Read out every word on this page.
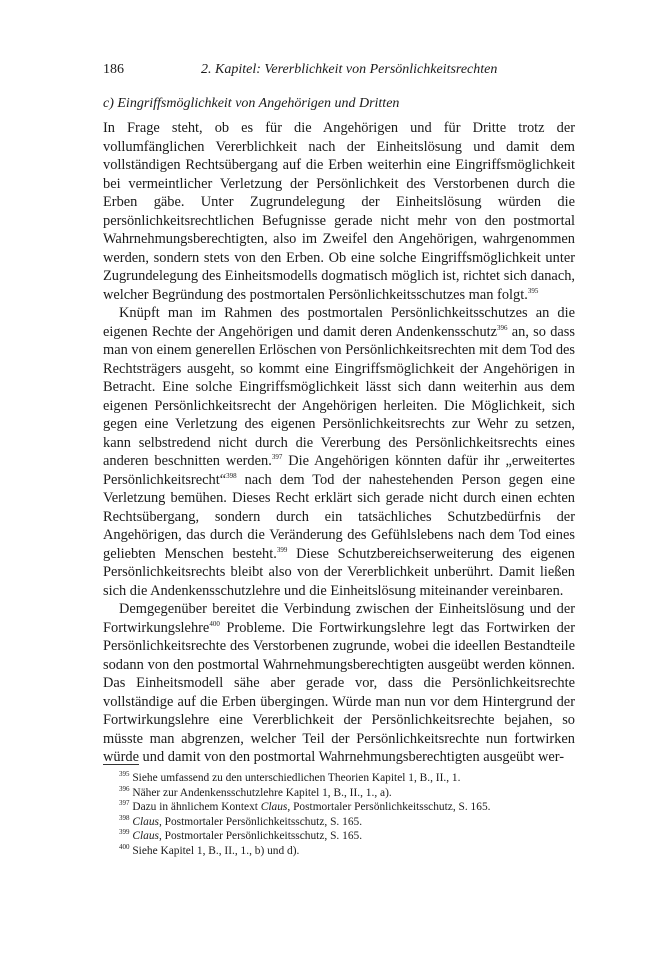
186	2. Kapitel: Vererblichkeit von Persönlichkeitsrechten
c) Eingriffsmöglichkeit von Angehörigen und Dritten

In Frage steht, ob es für die Angehörigen und für Dritte trotz der vollumfänglichen Vererblichkeit nach der Einheitslösung und damit dem vollständigen Rechtsübergang auf die Erben weiterhin eine Eingriffsmöglichkeit bei vermeintlicher Verletzung der Persönlichkeit des Verstorbenen durch die Erben gäbe. Unter Zugrundelegung der Einheitslösung würden die persönlichkeitsrechtlichen Befugnisse gerade nicht mehr von den postmortal Wahrnehmungsberechtigten, also im Zweifel den Angehörigen, wahrgenommen werden, sondern stets von den Erben. Ob eine solche Eingriffsmöglichkeit unter Zugrundelegung des Einheitsmodells dogmatisch möglich ist, richtet sich danach, welcher Begründung des postmortalen Persönlichkeitsschutzes man folgt.$^{395}$

Knüpft man im Rahmen des postmortalen Persönlichkeitsschutzes an die eigenen Rechte der Angehörigen und damit deren Andenkensschutz$^{396}$ an, so dass man von einem generellen Erlöschen von Persönlichkeitsrechten mit dem Tod des Rechtsträgers ausgeht, so kommt eine Eingriffsmöglichkeit der Angehörigen in Betracht. Eine solche Eingriffsmöglichkeit lässt sich dann weiterhin aus dem eigenen Persönlichkeitsrecht der Angehörigen herleiten. Die Möglichkeit, sich gegen eine Verletzung des eigenen Persönlichkeitsrechts zur Wehr zu setzen, kann selbstredend nicht durch die Vererbung des Persönlichkeitsrechts eines anderen beschnitten werden.$^{397}$ Die Angehörigen könnten dafür ihr „erweitertes Persönlichkeitsrecht“$^{398}$ nach dem Tod der nahestehenden Person gegen eine Verletzung bemühen. Dieses Recht erklärt sich gerade nicht durch einen echten Rechtsübergang, sondern durch ein tatsächliches Schutzbedürfnis der Angehörigen, das durch die Veränderung des Gefühlslebens nach dem Tod eines geliebten Menschen besteht.$^{399}$ Diese Schutzbereichserweiterung des eigenen Persönlichkeitsrechts bleibt also von der Vererblichkeit unberührt. Damit ließen sich die Andenkensschutzlehre und die Einheitslösung miteinander vereinbaren.

Demgegenüber bereitet die Verbindung zwischen der Einheitslösung und der Fortwirkungslehre$^{400}$ Probleme. Die Fortwirkungslehre legt das Fortwirken der Persönlichkeitsrechte des Verstorbenen zugrunde, wobei die ideellen Bestandteile sodann von den postmortal Wahrnehmungsberechtigten ausgeübt werden können. Das Einheitsmodell sähe aber gerade vor, dass die Persönlichkeitsrechte vollständige auf die Erben übergingen. Würde man nun vor dem Hintergrund der Fortwirkungslehre eine Vererblichkeit der Persönlichkeitsrechte bejahen, so müsste man abgrenzen, welcher Teil der Persönlichkeitsrechte nun fortwirken würde und damit von den postmortal Wahrnehmungsberechtigten ausgeübt wer-

$^{395}$ Siehe umfassend zu den unterschiedlichen Theorien Kapitel 1, B., II., 1.
$^{396}$ Näher zur Andenkensschutzlehre Kapitel 1, B., II., 1., a).
$^{397}$ Dazu in ähnlichem Kontext Claus, Postmortaler Persönlichkeitsschutz, S. 165.
$^{398}$ Claus, Postmortaler Persönlichkeitsschutz, S. 165.
$^{399}$ Claus, Postmortaler Persönlichkeitsschutz, S. 165.
$^{400}$ Siehe Kapitel 1, B., II., 1., b) und d).
